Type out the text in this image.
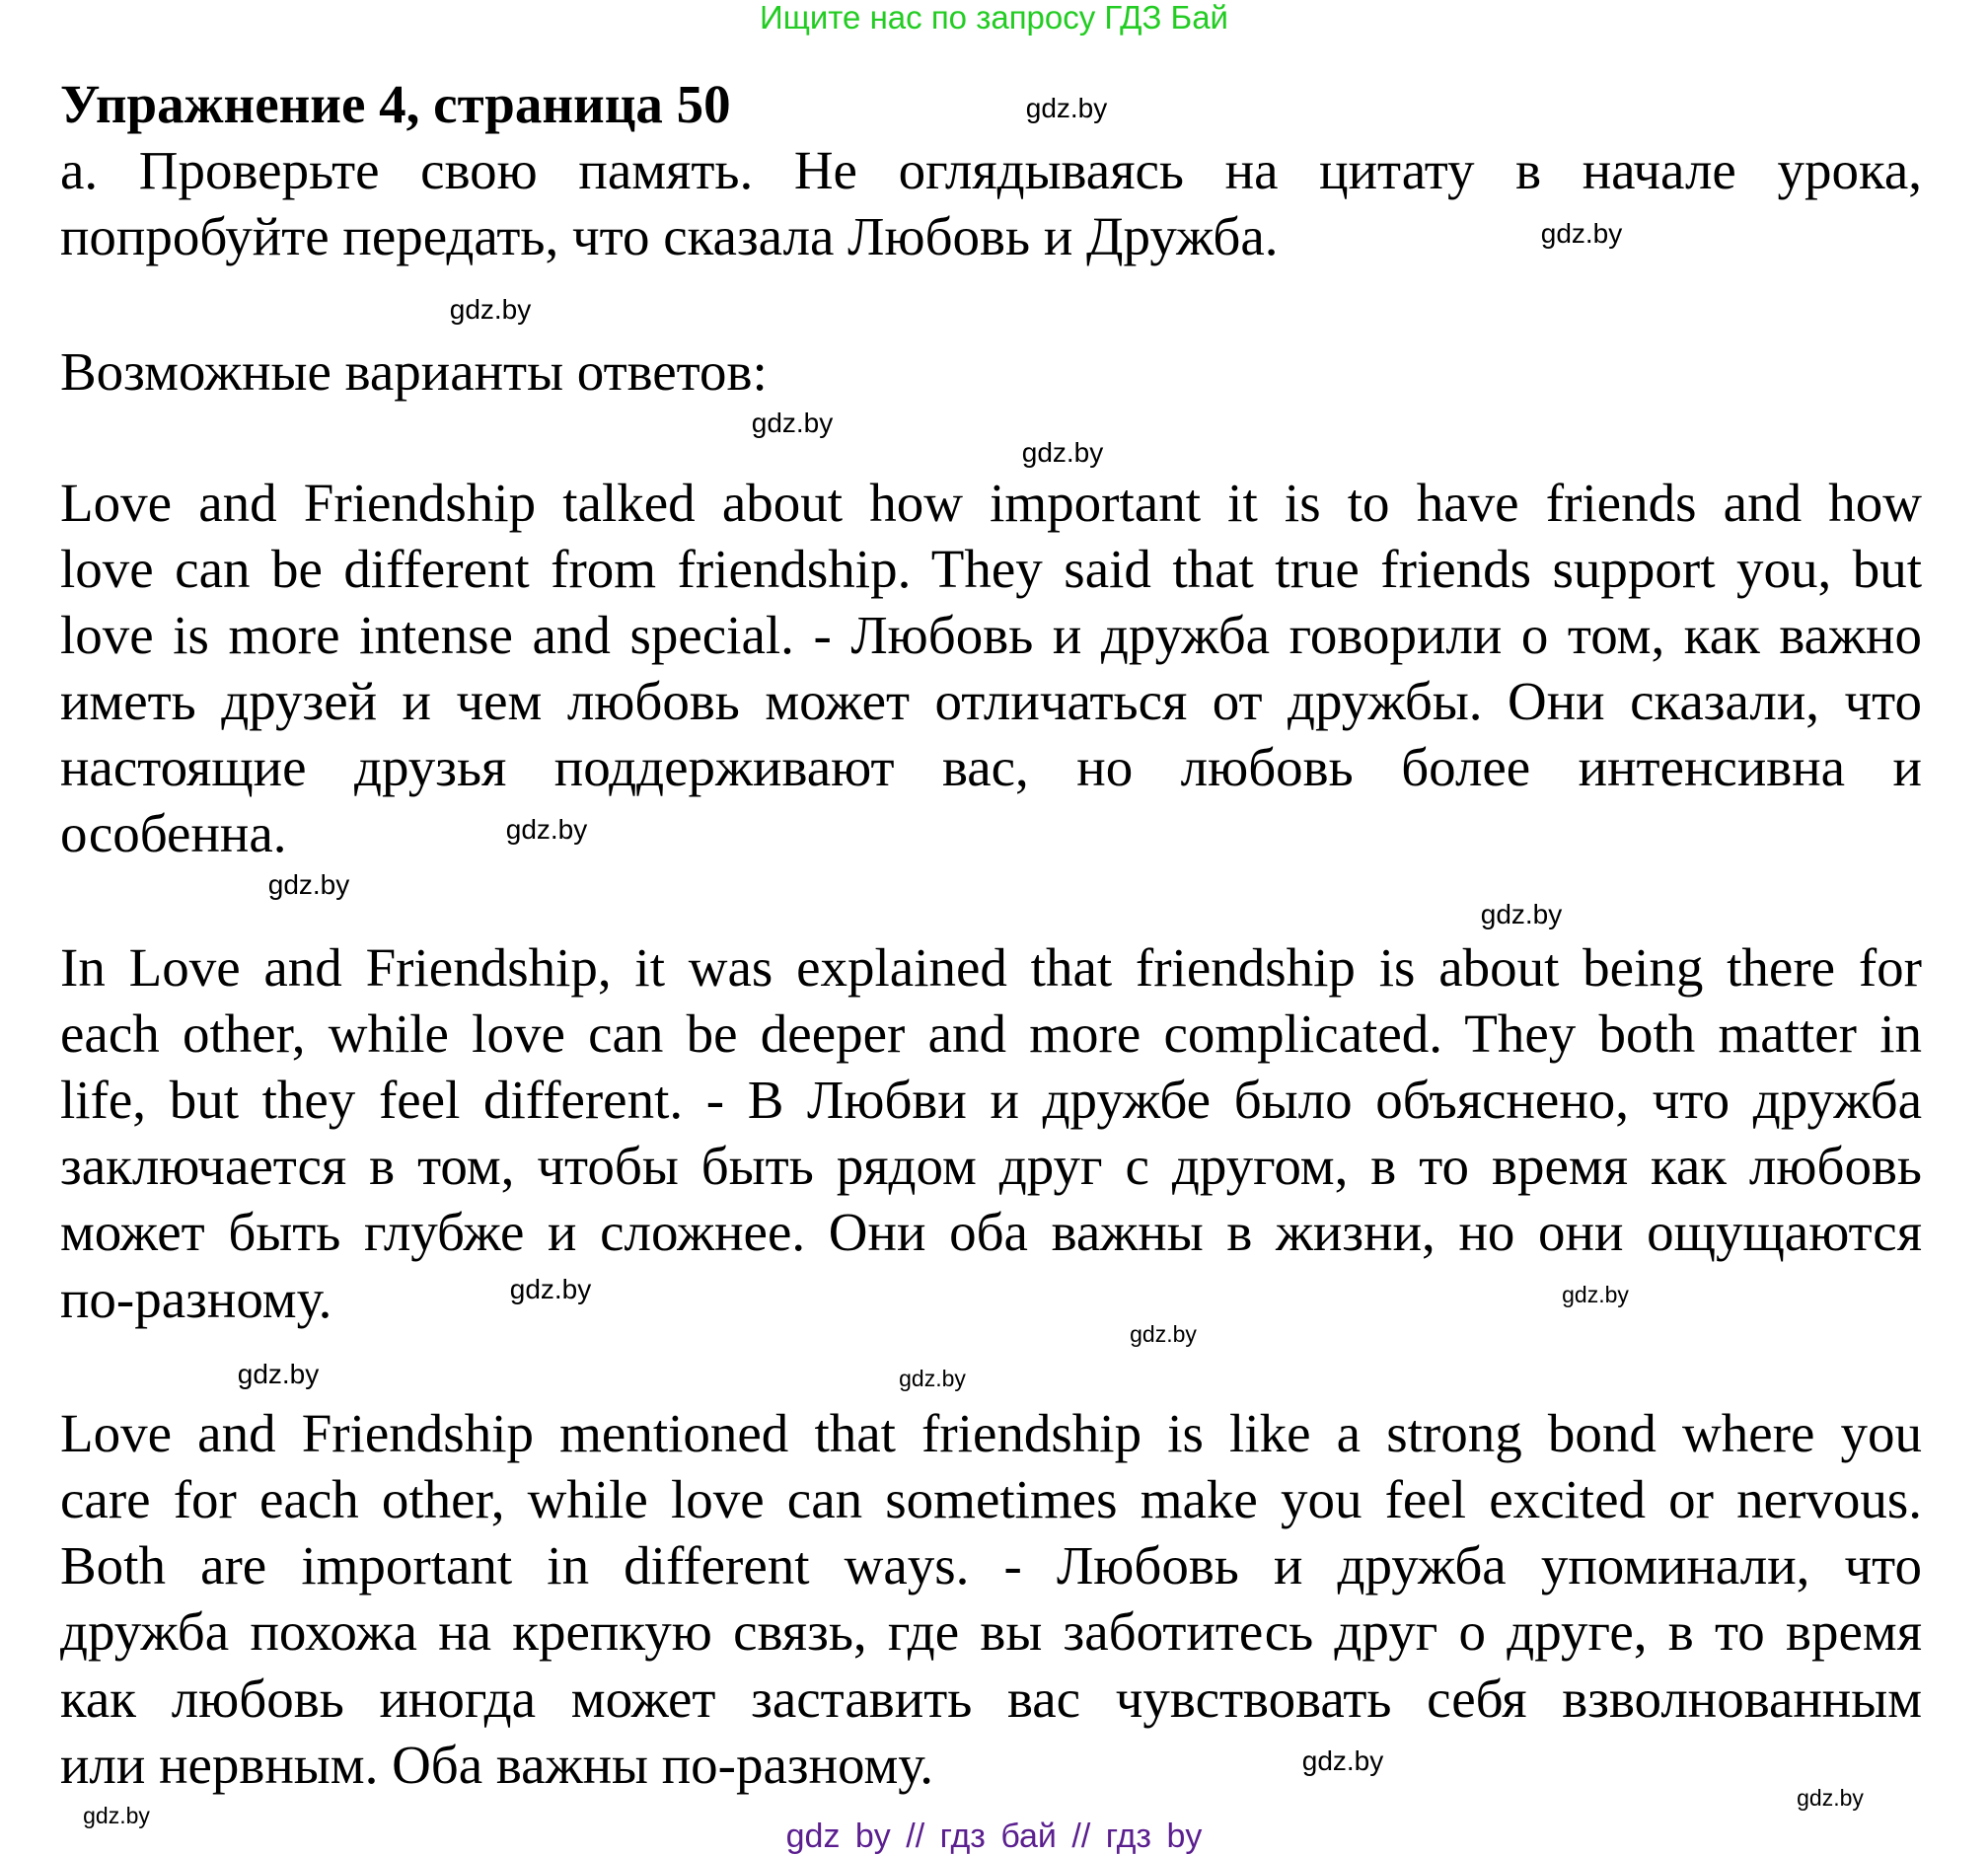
Ищите нас по запросу ГДЗ Бай
Упражнение 4, страница 50
a. Проверьте свою память. Не оглядываясь на цитату в начале урока,
попробуйте передать, что сказала Любовь и Дружба.
Возможные варианты ответов:
Love and Friendship talked about how important it is to have friends and how
love can be different from friendship. They said that true friends support you, but
love is more intense and special. - Любовь и дружба говорили о том, как важно
иметь друзей и чем любовь может отличаться от дружбы. Они сказали, что
настоящие друзья поддерживают вас, но любовь более интенсивна и
особенна.
In Love and Friendship, it was explained that friendship is about being there for
each other, while love can be deeper and more complicated. They both matter in
life, but they feel different. - В Любви и дружбе было объяснено, что дружба
заключается в том, чтобы быть рядом друг с другом, в то время как любовь
может быть глубже и сложнее. Они оба важны в жизни, но они ощущаются
по-разному.
Love and Friendship mentioned that friendship is like a strong bond where you
care for each other, while love can sometimes make you feel excited or nervous.
Both are important in different ways. - Любовь и дружба упоминали, что
дружба похожа на крепкую связь, где вы заботитесь друг о друге, в то время
как любовь иногда может заставить вас чувствовать себя взволнованным
или нервным. Оба важны по-разному.
gdz.by
gdz.by
gdz.by
gdz.by
gdz.by
gdz.by
gdz.by
gdz.by
gdz.by
gdz.by
gdz.by
gdz.by	gdz.by
gdz.by
gdz.by
gdz.by
gdz by // гдз бай // гдз by
